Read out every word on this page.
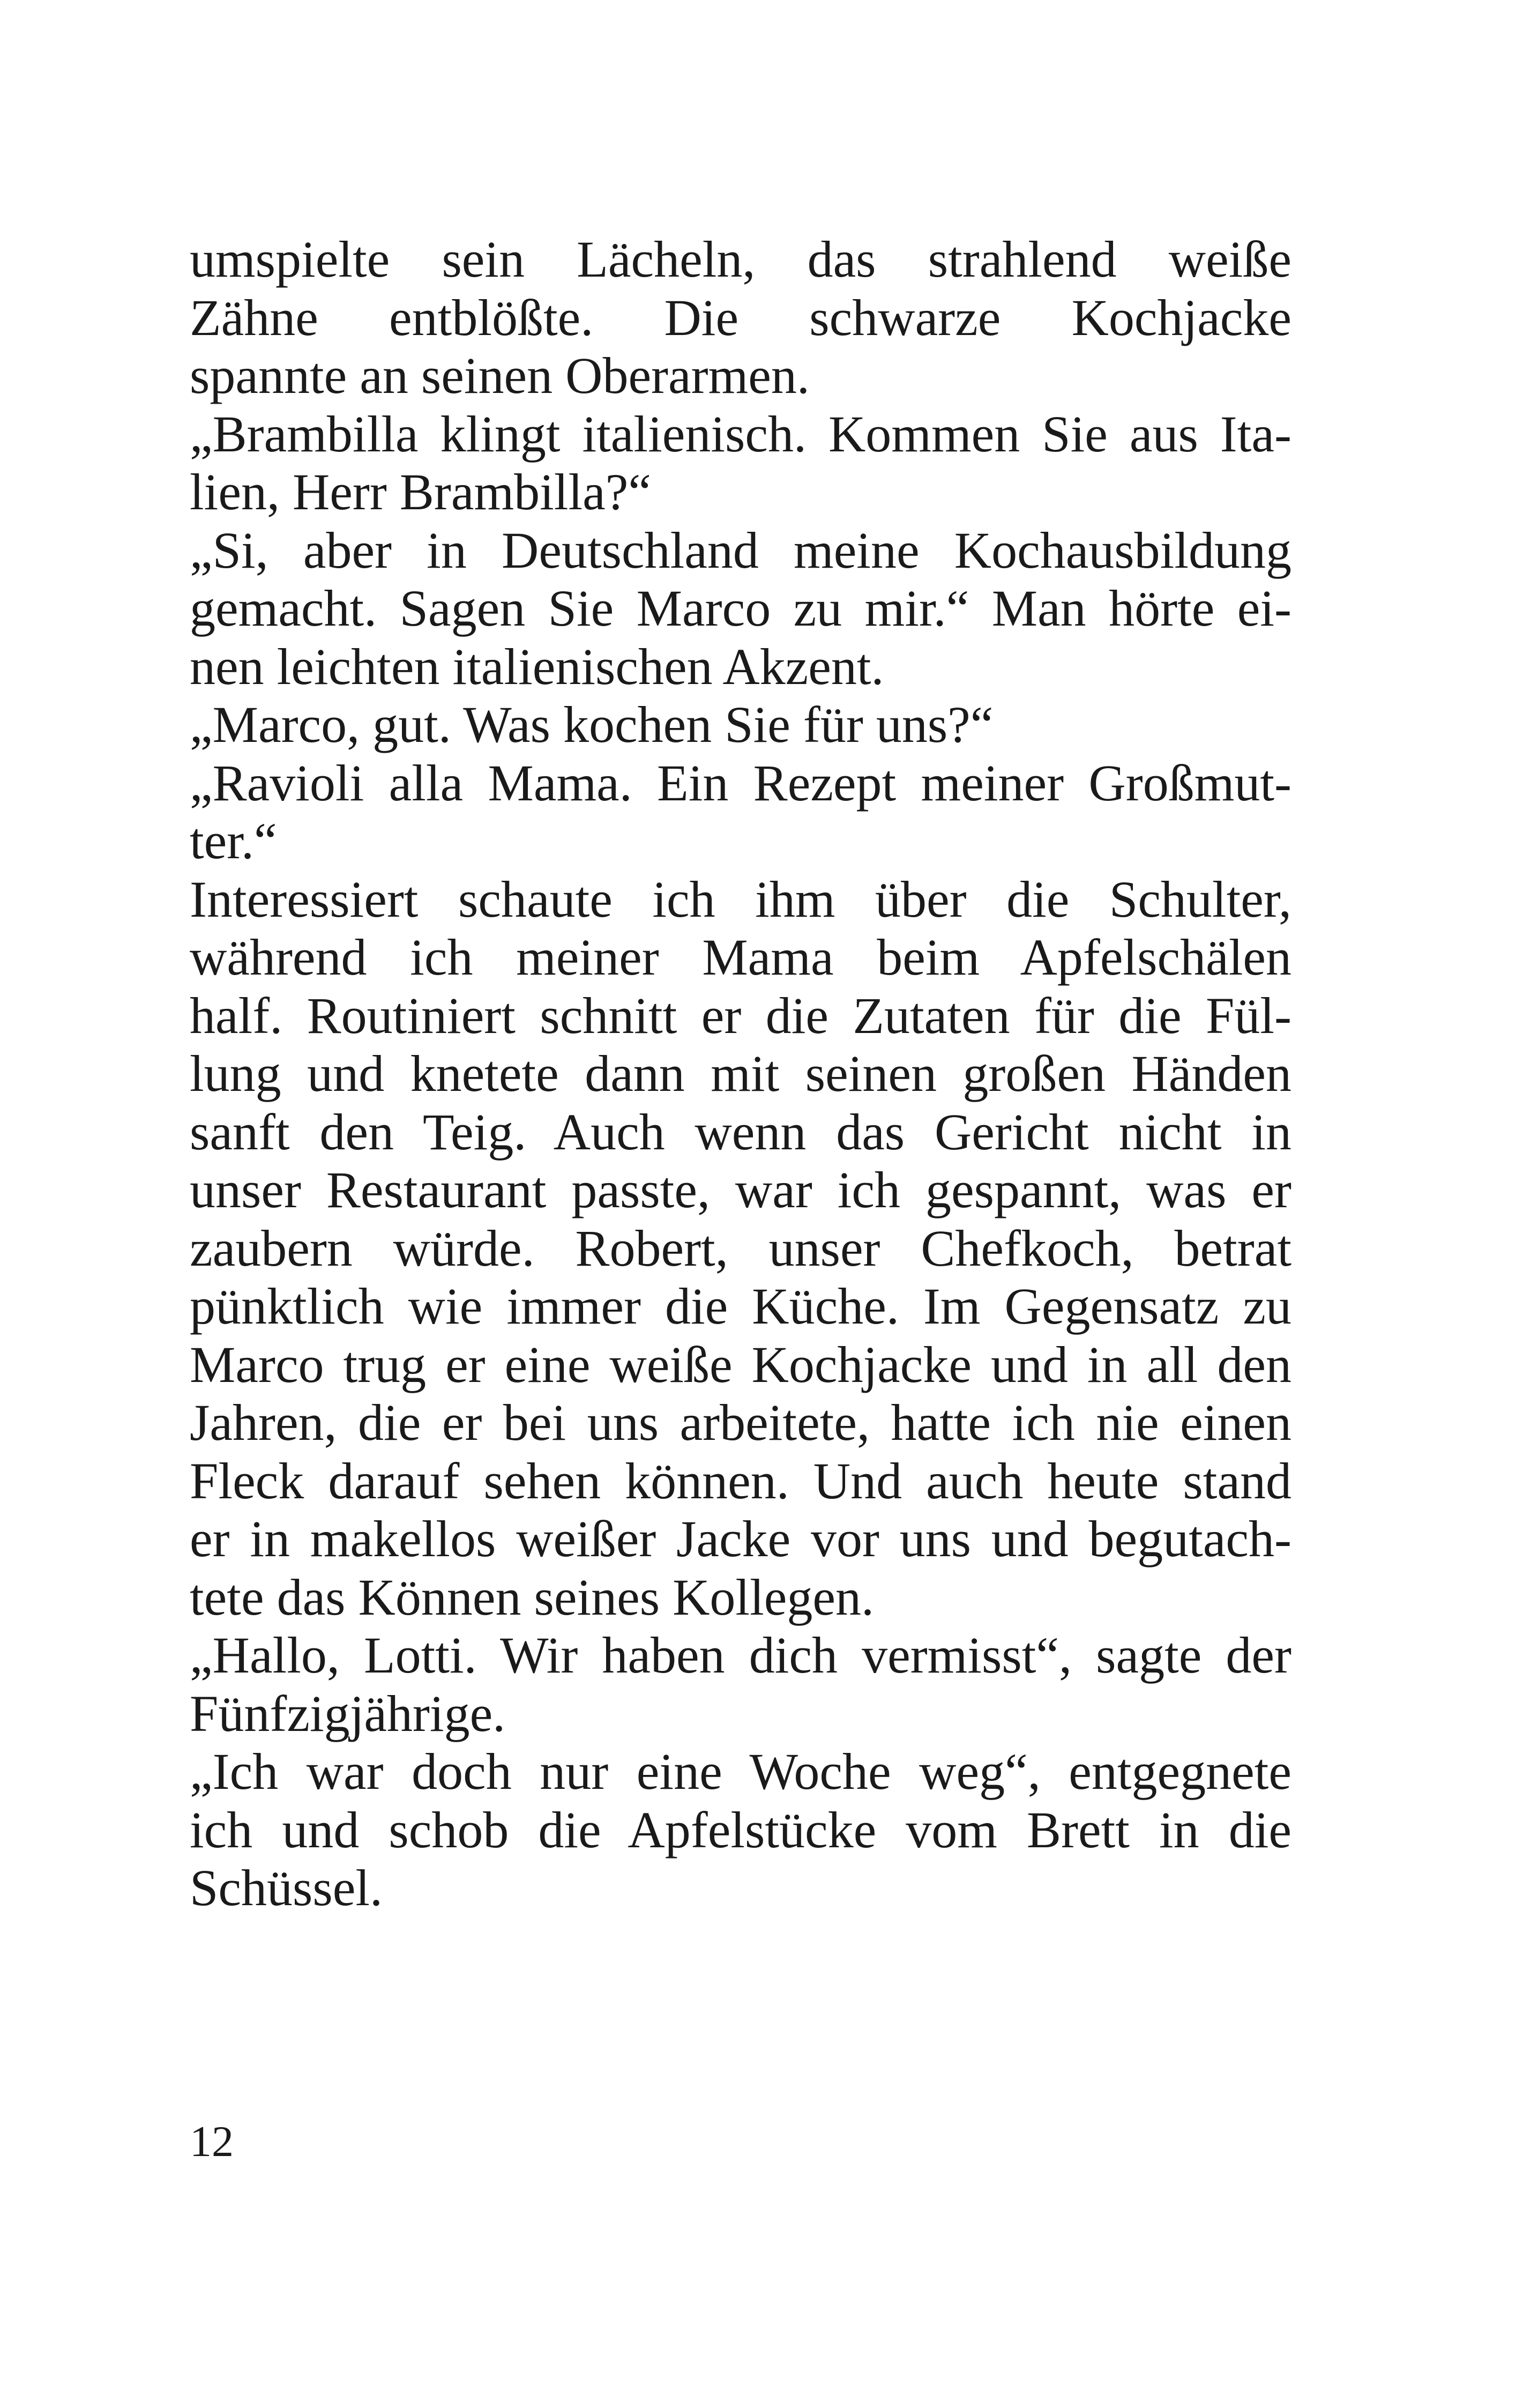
umspielte sein Lächeln, das strahlend weiße
Zähne entblößte. Die schwarze Kochjacke
spannte an seinen Oberarmen.
„Brambilla klingt italienisch. Kommen Sie aus Ita-
lien, Herr Brambilla?“
„Si, aber in Deutschland meine Kochausbildung
gemacht. Sagen Sie Marco zu mir.“ Man hörte ei-
nen leichten italienischen Akzent.
„Marco, gut. Was kochen Sie für uns?“
„Ravioli alla Mama. Ein Rezept meiner Großmut-
ter.“
Interessiert schaute ich ihm über die Schulter,
während ich meiner Mama beim Apfelschälen
half. Routiniert schnitt er die Zutaten für die Fül-
lung und knetete dann mit seinen großen Händen
sanft den Teig. Auch wenn das Gericht nicht in
unser Restaurant passte, war ich gespannt, was er
zaubern würde. Robert, unser Chefkoch, betrat
pünktlich wie immer die Küche. Im Gegensatz zu
Marco trug er eine weiße Kochjacke und in all den
Jahren, die er bei uns arbeitete, hatte ich nie einen
Fleck darauf sehen können. Und auch heute stand
er in makellos weißer Jacke vor uns und begutach-
tete das Können seines Kollegen.
„Hallo, Lotti. Wir haben dich vermisst“, sagte der
Fünfzigjährige.
„Ich war doch nur eine Woche weg“, entgegnete
ich und schob die Apfelstücke vom Brett in die
Schüssel.
12
